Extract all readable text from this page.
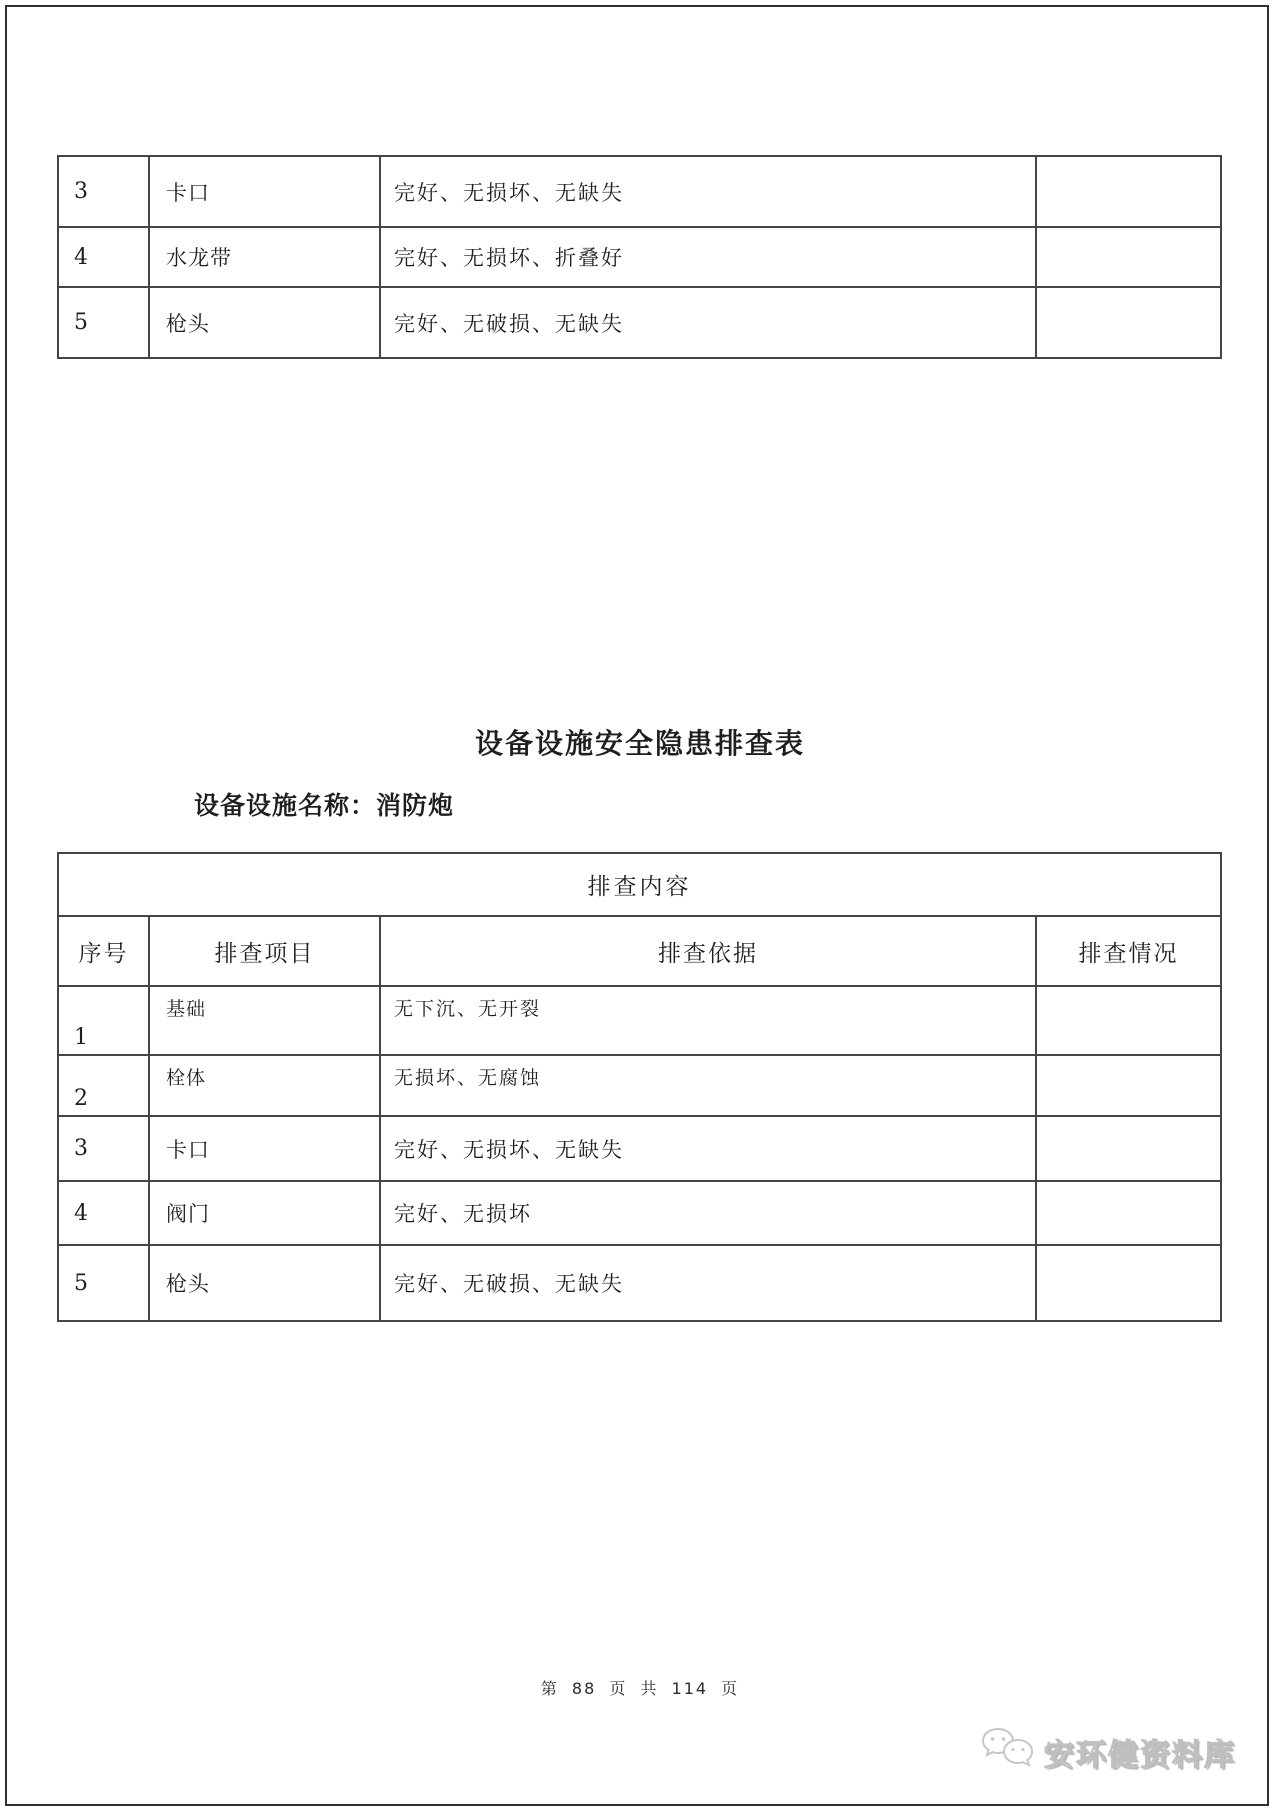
3	卡口	完好、无损坏、无缺失	
4	水龙带	完好、无损坏、折叠好	
5	枪头	完好、无破损、无缺失	
设备设施安全隐患排查表
设备设施名称：消防炮
排查内容			
序号	排查项目	排查依据	排查情况
1	基础	无下沉、无开裂	
2	栓体	无损坏、无腐蚀	
3	卡口	完好、无损坏、无缺失	
4	阀门	完好、无损坏	
5	枪头	完好、无破损、无缺失	
第 88 页 共 114 页
安环健资料库
